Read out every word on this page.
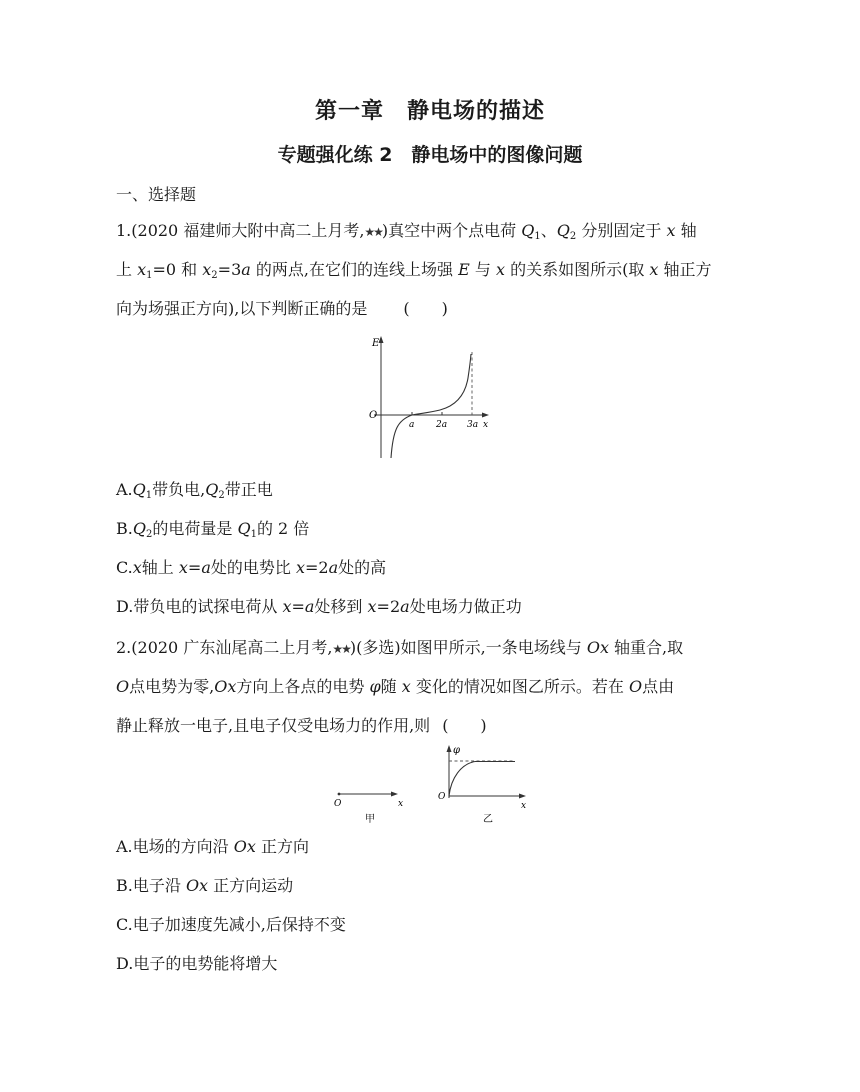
第一章　静电场的描述
专题强化练 2　静电场中的图像问题
一、选择题
1.(2020 福建师大附中高二上月考,★★)真空中两个点电荷 $Q_1$、$Q_2$ 分别固定于 x 轴
上 $x_1=0$ 和 $x_2=3a$ 的两点,在它们的连线上场强 E 与 x 的关系如图所示(取 x 轴正方
向为场强正方向),以下判断正确的是 (　　)
E
O
a 2a 3a x
$A.Q_1$带负电$,Q_2$带正电
$B.Q_2$的电荷量是 $Q_1$的 2 倍
C.x轴上 x=a处的电势比 x=2a处的高
D.带负电的试探电荷从 x=a处移到 x=2a处电场力做正功
2.(2020 广东汕尾高二上月考,★★)(多选)如图甲所示,一条电场线与 Ox 轴重合,取
O点电势为零,Ox方向上各点的电势 φ随 x 变化的情况如图乙所示。若在 O点由
静止释放一电子,且电子仅受电场力的作用,则 (　　)
O	x
甲
φ
O
x
乙
A.电场的方向沿 Ox 正方向
B.电子沿 Ox 正方向运动
C.电子加速度先减小,后保持不变
D.电子的电势能将增大
